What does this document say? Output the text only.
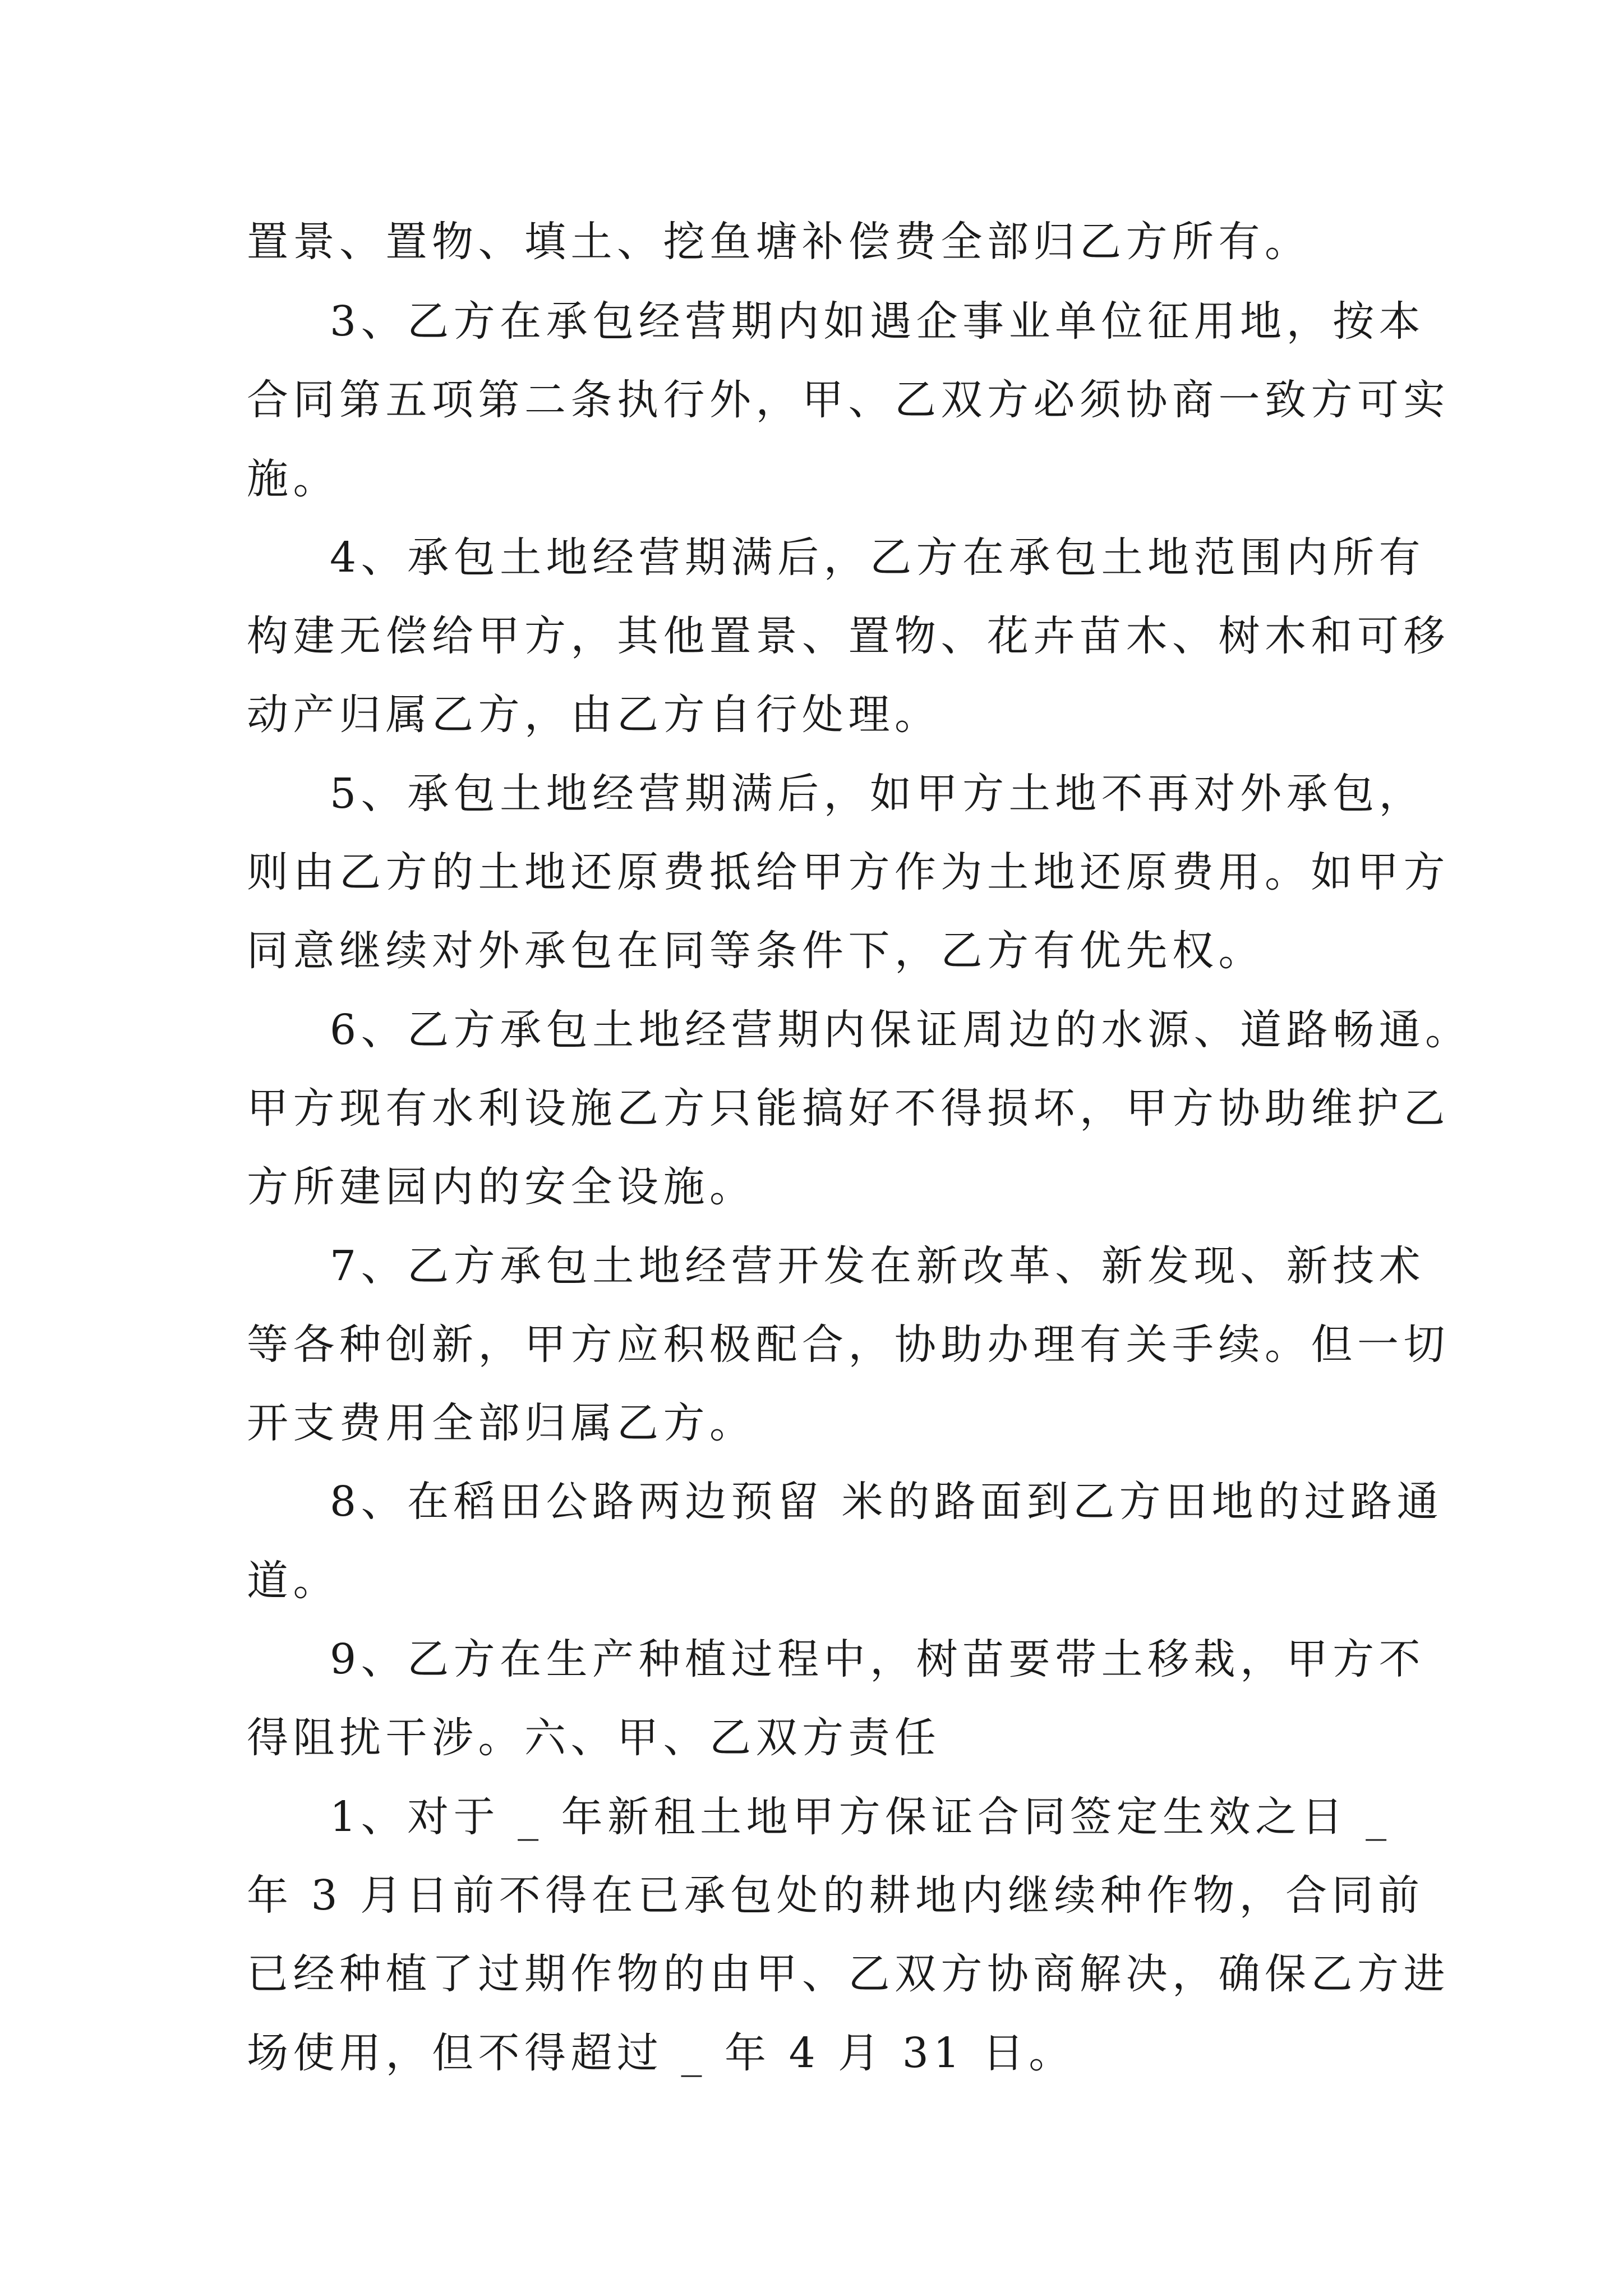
置景、置物、填土、挖鱼塘补偿费全部归乙方所有。
3、乙方在承包经营期内如遇企事业单位征用地，按本
合同第五项第二条执行外，甲、乙双方必须协商一致方可实
施。
4、承包土地经营期满后，乙方在承包土地范围内所有
构建无偿给甲方，其他置景、置物、花卉苗木、树木和可移
动产归属乙方，由乙方自行处理。
5、承包土地经营期满后，如甲方土地不再对外承包，
则由乙方的土地还原费抵给甲方作为土地还原费用。如甲方
同意继续对外承包在同等条件下，乙方有优先权。
6、乙方承包土地经营期内保证周边的水源、道路畅通。
甲方现有水利设施乙方只能搞好不得损坏，甲方协助维护乙
方所建园内的安全设施。
7、乙方承包土地经营开发在新改革、新发现、新技术
等各种创新，甲方应积极配合，协助办理有关手续。但一切
开支费用全部归属乙方。
8、在稻田公路两边预留 米的路面到乙方田地的过路通
道。
9、乙方在生产种植过程中，树苗要带土移栽，甲方不
得阻扰干涉。六、甲、乙双方责任
1、对于 _ 年新租土地甲方保证合同签定生效之日 _
年 3 月日前不得在已承包处的耕地内继续种作物，合同前
已经种植了过期作物的由甲、乙双方协商解决，确保乙方进
场使用，但不得超过 _ 年 4 月 31 日。
